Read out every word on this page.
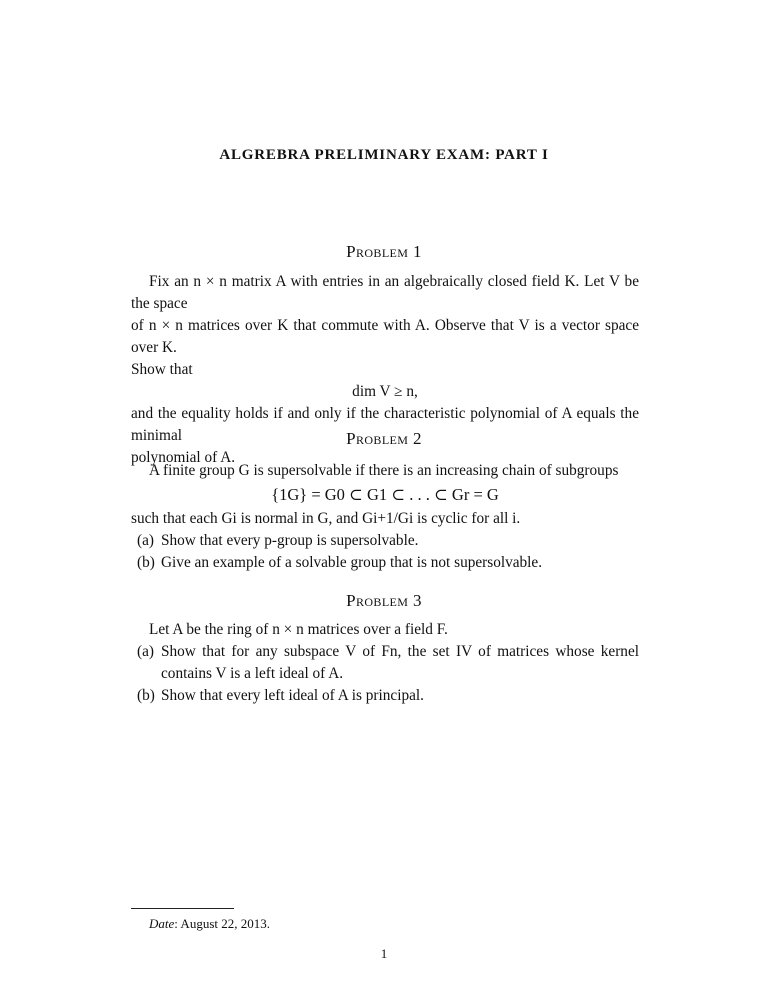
ALGREBRA PRELIMINARY EXAM: PART I
Problem 1

Fix an n × n matrix A with entries in an algebraically closed field K. Let V be the space

of n × n matrices over K that commute with A. Observe that V is a vector space over K.

Show that

dim V ≥ n,

and the equality holds if and only if the characteristic polynomial of A equals the minimal

polynomial of A.

Problem 2

A finite group G is supersolvable if there is an increasing chain of subgroups

{1G} = G0 ⊂ G1 ⊂ . . . ⊂ Gr = G

such that each Gi is normal in G, and Gi+1/Gi is cyclic for all i.

(a) Show that every p-group is supersolvable.
(b) Give an example of a solvable group that is not supersolvable.
Problem 3

Let A be the ring of n × n matrices over a field F.

(a) Show that for any subspace V of Fn, the set IV of matrices whose kernel contains V is a left ideal of A.
(b) Show that every left ideal of A is principal.
Date: August 22, 2013.
1
